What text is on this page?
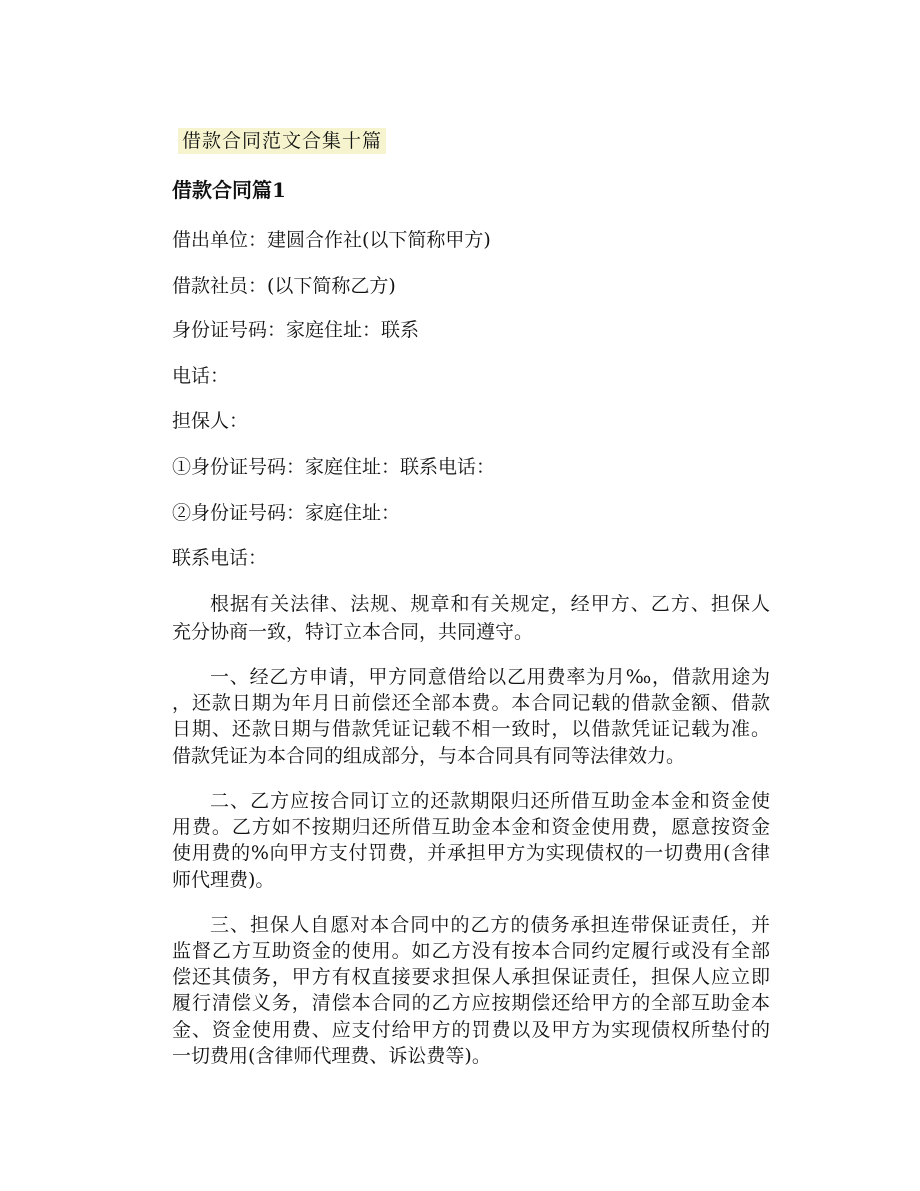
借款合同范文合集十篇
借款合同篇1
借出单位：建圆合作社(以下简称甲方)
借款社员：(以下简称乙方)
身份证号码：家庭住址：联系
电话：
担保人：
①身份证号码：家庭住址：联系电话：
②身份证号码：家庭住址：
联系电话：
根据有关法律、法规、规章和有关规定，经甲方、乙方、担保人
充分协商一致，特订立本合同，共同遵守。
一、经乙方申请，甲方同意借给以乙用费率为月‰，借款用途为
，还款日期为年月日前偿还全部本费。本合同记载的借款金额、借款
日期、还款日期与借款凭证记载不相一致时，以借款凭证记载为准。
借款凭证为本合同的组成部分，与本合同具有同等法律效力。
二、乙方应按合同订立的还款期限归还所借互助金本金和资金使
用费。乙方如不按期归还所借互助金本金和资金使用费，愿意按资金
使用费的%向甲方支付罚费，并承担甲方为实现债权的一切费用(含律
师代理费)。
三、担保人自愿对本合同中的乙方的债务承担连带保证责任，并
监督乙方互助资金的使用。如乙方没有按本合同约定履行或没有全部
偿还其债务，甲方有权直接要求担保人承担保证责任，担保人应立即
履行清偿义务，清偿本合同的乙方应按期偿还给甲方的全部互助金本
金、资金使用费、应支付给甲方的罚费以及甲方为实现债权所垫付的
一切费用(含律师代理费、诉讼费等)。
